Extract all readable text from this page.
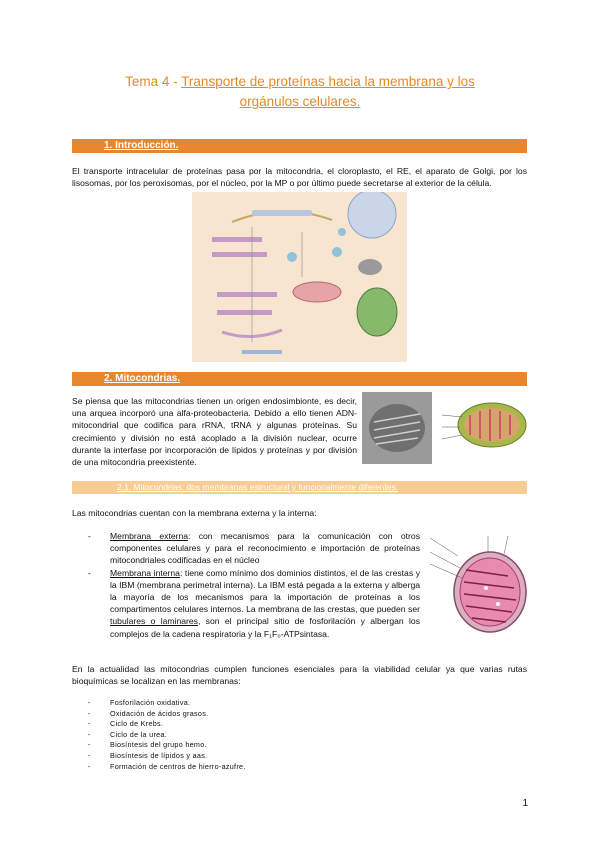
Tema 4 - Transporte de proteínas hacia la membrana y los
orgánulos celulares.
1. Introducción.
El transporte intracelular de proteínas pasa por la mitocondria, el cloroplasto, el RE, el aparato de Golgi, por los lisosomas, por los peroxisomas, por el núcleo, por la MP o por último puede secretarse al exterior de la célula.
2. Mitocondrias.
Se piensa que las mitocondrias tienen un origen endosimbionte, es decir, una arquea incorporó una alfa-proteobacteria. Debido a ello tienen ADN-mitocondrial que codifica para rRNA, tRNA y algunas proteínas. Su crecimiento y división no está acoplado a la división nuclear, ocurre durante la interfase por incorporación de lípidos y proteínas y por división de una mitocondria preexistente.
2.1. Mitocondrias: dos membranas estructural y funcionalmente diferentes.
Las mitocondrias cuentan con la membrana externa y la interna:
- Membrana externa: con mecanismos para la comunicación con otros componentes celulares y para el reconocimiento e importación de proteínas mitocondriales codificadas en el núcleo
- Membrana interna: tiene como mínimo dos dominios distintos, el de las crestas y la IBM (membrana perimetral interna). La IBM está pegada a la externa y alberga la mayoría de los mecanismos para la importación de proteínas a los compartimentos celulares internos. La membrana de las crestas, que pueden ser tubulares o laminares, son el principal sitio de fosforilación y albergan los complejos de la cadena respiratoria y la F₁F₀-ATPsintasa.
En la actualidad las mitocondrias cumplen funciones esenciales para la viabilidad celular ya que varias rutas bioquímicas se localizan en las membranas:
- Fosforilación oxidativa.
- Oxidación de ácidos grasos.
- Ciclo de Krebs.
- Ciclo de la urea.
- Biosíntesis del grupo hemo.
- Biosíntesis de lípidos y aas.
- Formación de centros de hierro-azufre.
1
